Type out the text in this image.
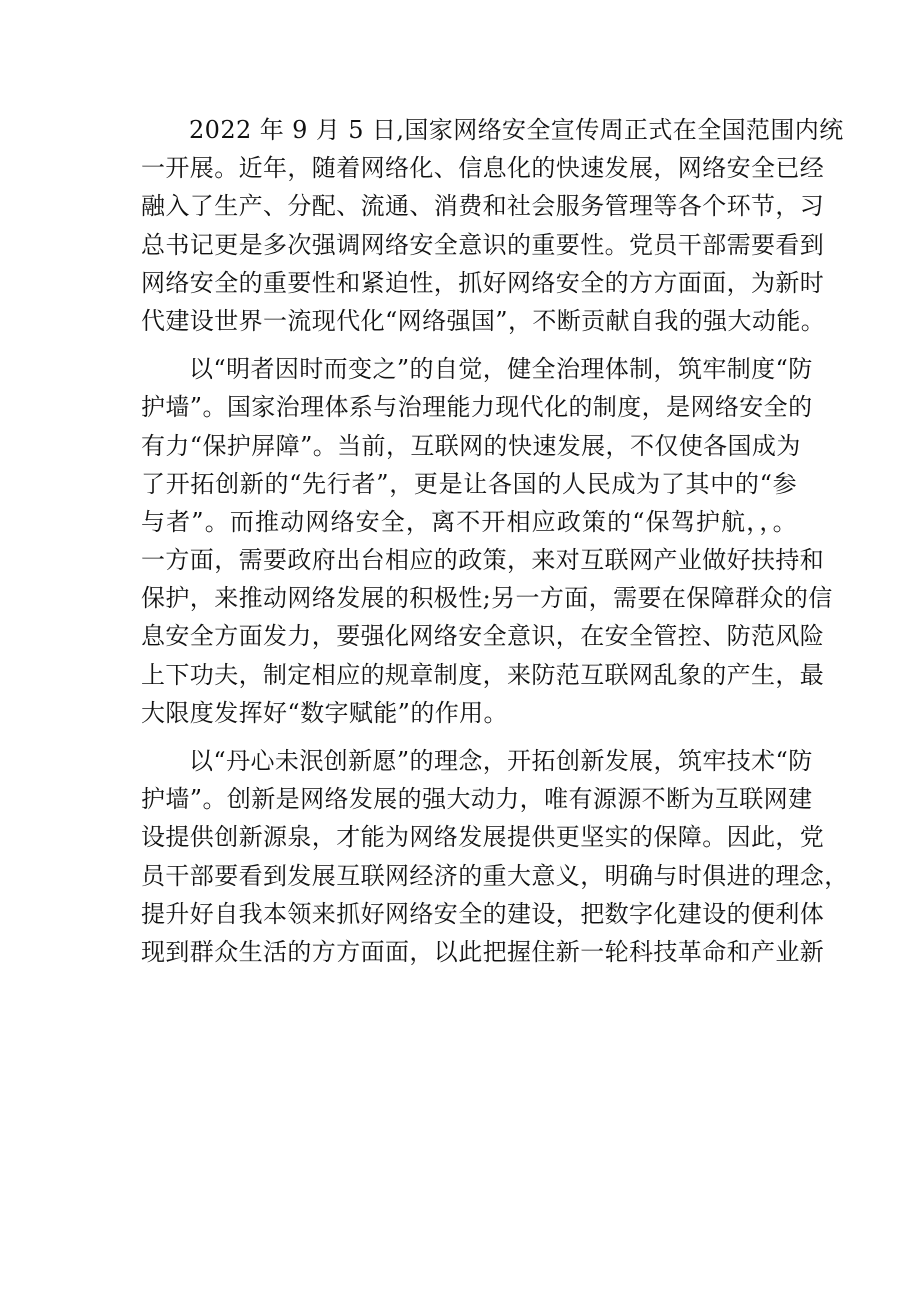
2022 年 9 月 5 日,国家网络安全宣传周正式在全国范围内统
一开展。近年，随着网络化、信息化的快速发展，网络安全已经
融入了生产、分配、流通、消费和社会服务管理等各个环节，习
总书记更是多次强调网络安全意识的重要性。党员干部需要看到
网络安全的重要性和紧迫性，抓好网络安全的方方面面，为新时
代建设世界一流现代化“网络强国”，不断贡献自我的强大动能。
以“明者因时而变之”的自觉，健全治理体制，筑牢制度“防
护墙”。国家治理体系与治理能力现代化的制度，是网络安全的
有力“保护屏障”。当前，互联网的快速发展，不仅使各国成为
了开拓创新的“先行者”，更是让各国的人民成为了其中的“参
与者”。而推动网络安全，离不开相应政策的“保驾护航，，。
一方面，需要政府出台相应的政策，来对互联网产业做好扶持和
保护，来推动网络发展的积极性;另一方面，需要在保障群众的信
息安全方面发力，要强化网络安全意识，在安全管控、防范风险
上下功夫，制定相应的规章制度，来防范互联网乱象的产生，最
大限度发挥好“数字赋能”的作用。
以“丹心未泯创新愿”的理念，开拓创新发展，筑牢技术“防
护墙”。创新是网络发展的强大动力，唯有源源不断为互联网建
设提供创新源泉，才能为网络发展提供更坚实的保障。因此，党
员干部要看到发展互联网经济的重大意义，明确与时俱进的理念，
提升好自我本领来抓好网络安全的建设，把数字化建设的便利体
现到群众生活的方方面面，以此把握住新一轮科技革命和产业新
